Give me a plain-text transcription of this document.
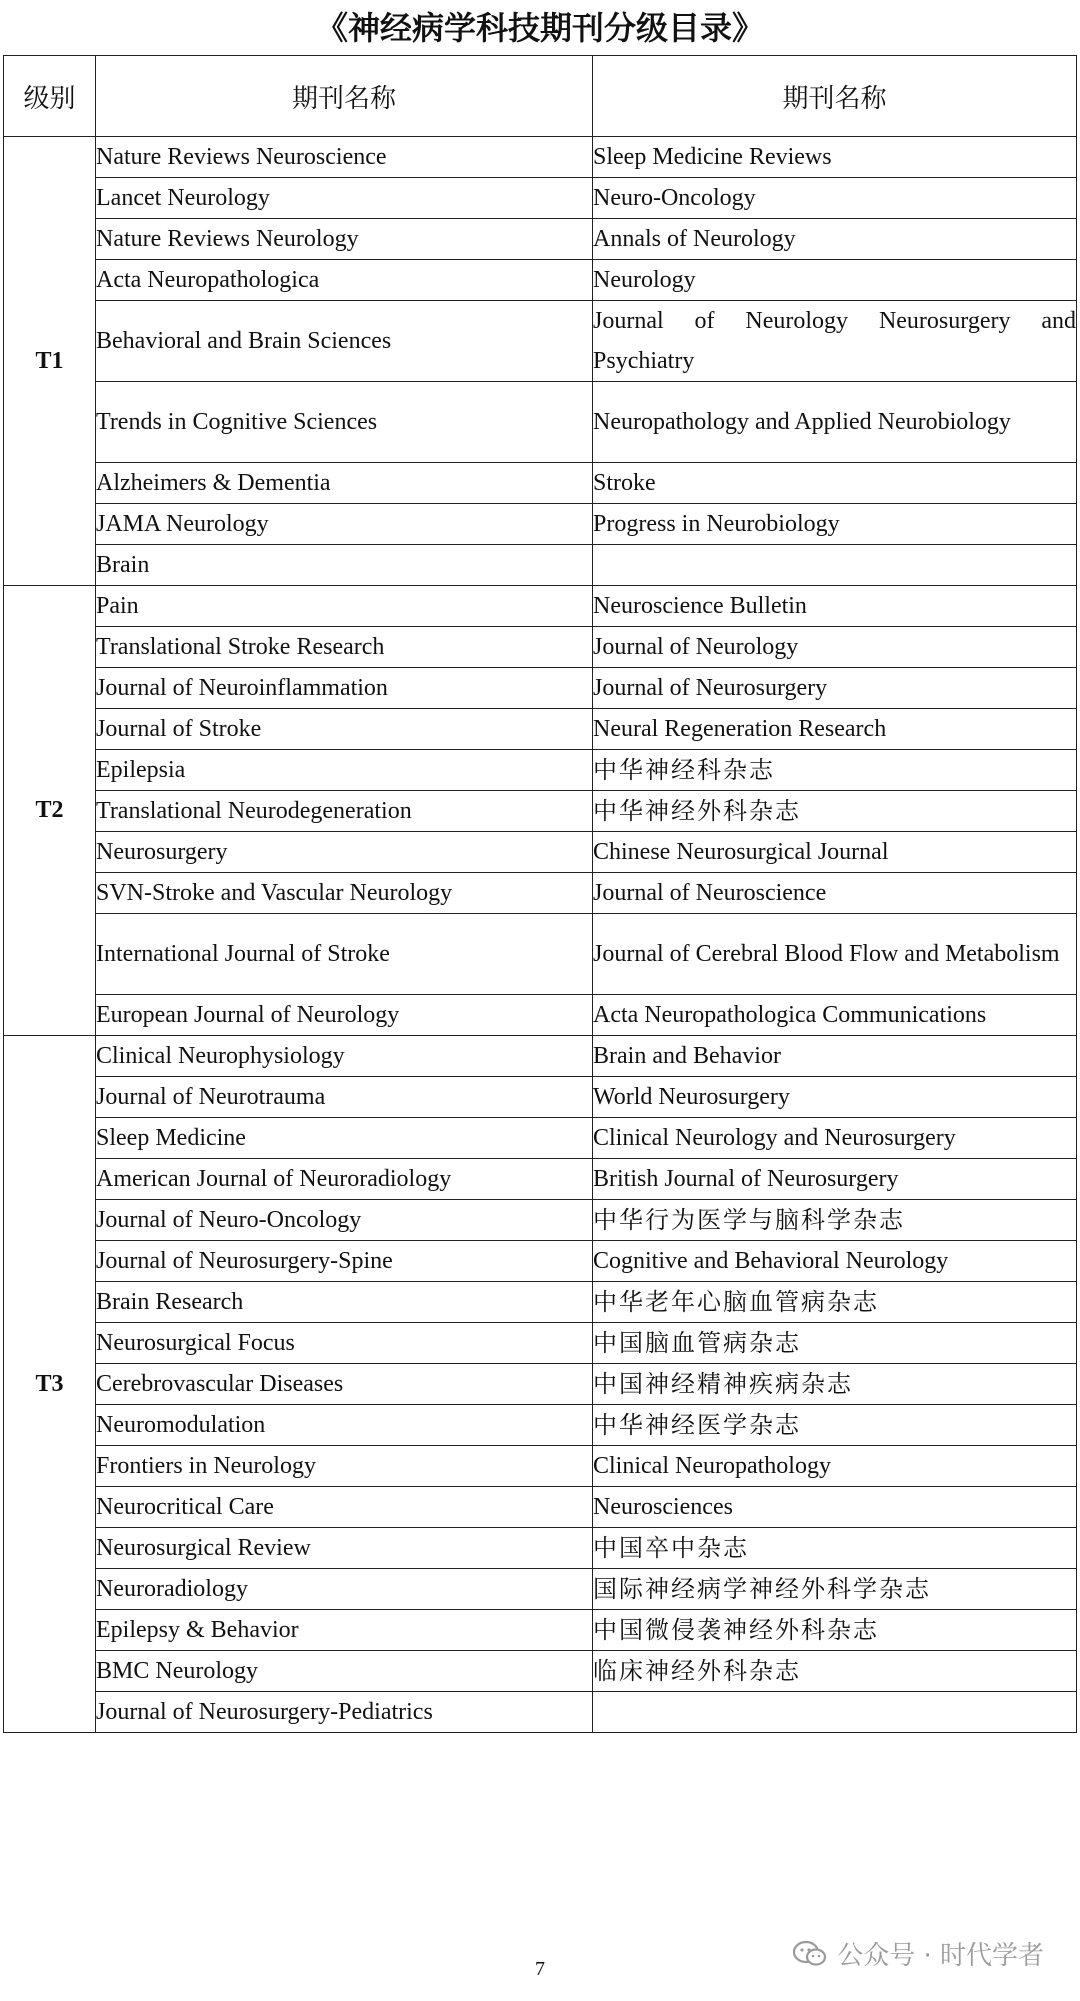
《神经病学科技期刊分级目录》
级别	期刊名称	期刊名称
T1	Nature Reviews Neuroscience	Sleep Medicine Reviews
	Lancet Neurology	Neuro-Oncology
	Nature Reviews Neurology	Annals of Neurology
	Acta Neuropathologica	Neurology
	Behavioral and Brain Sciences	Journal of Neurology Neurosurgery and Psychiatry
	Trends in Cognitive Sciences	Neuropathology and Applied Neurobiology
	Alzheimers & Dementia	Stroke
	JAMA Neurology	Progress in Neurobiology
	Brain	
T2	Pain	Neuroscience Bulletin
	Translational Stroke Research	Journal of Neurology
	Journal of Neuroinflammation	Journal of Neurosurgery
	Journal of Stroke	Neural Regeneration Research
	Epilepsia	中华神经科杂志
	Translational Neurodegeneration	中华神经外科杂志
	Neurosurgery	Chinese Neurosurgical Journal
	SVN-Stroke and Vascular Neurology	Journal of Neuroscience
	International Journal of Stroke	Journal of Cerebral Blood Flow and Metabolism
	European Journal of Neurology	Acta Neuropathologica Communications
T3	Clinical Neurophysiology	Brain and Behavior
	Journal of Neurotrauma	World Neurosurgery
	Sleep Medicine	Clinical Neurology and Neurosurgery
	American Journal of Neuroradiology	British Journal of Neurosurgery
	Journal of Neuro-Oncology	中华行为医学与脑科学杂志
	Journal of Neurosurgery-Spine	Cognitive and Behavioral Neurology
	Brain Research	中华老年心脑血管病杂志
	Neurosurgical Focus	中国脑血管病杂志
	Cerebrovascular Diseases	中国神经精神疾病杂志
	Neuromodulation	中华神经医学杂志
	Frontiers in Neurology	Clinical Neuropathology
	Neurocritical Care	Neurosciences
	Neurosurgical Review	中国卒中杂志
	Neuroradiology	国际神经病学神经外科学杂志
	Epilepsy & Behavior	中国微侵袭神经外科杂志
	BMC Neurology	临床神经外科杂志
	Journal of Neurosurgery-Pediatrics	
公众号 · 时代学者
7
